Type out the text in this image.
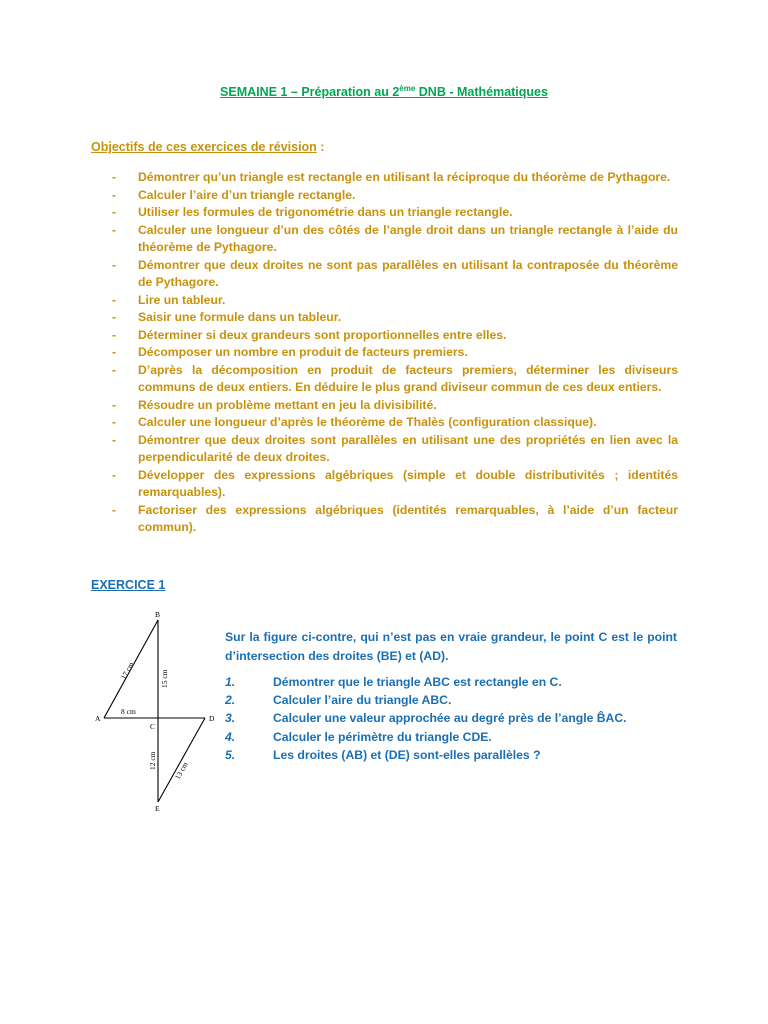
SEMAINE 1 – Préparation au 2ème DNB - Mathématiques
Objectifs de ces exercices de révision :
- Démontrer qu’un triangle est rectangle en utilisant la réciproque du théorème de Pythagore.
- Calculer l’aire d’un triangle rectangle.
- Utiliser les formules de trigonométrie dans un triangle rectangle.
- Calculer une longueur d’un des côtés de l’angle droit dans un triangle rectangle à l’aide du théorème de Pythagore.
- Démontrer que deux droites ne sont pas parallèles en utilisant la contraposée du théorème de Pythagore.
- Lire un tableur.
- Saisir une formule dans un tableur.
- Déterminer si deux grandeurs sont proportionnelles entre elles.
- Décomposer un nombre en produit de facteurs premiers.
- D’après la décomposition en produit de facteurs premiers, déterminer les diviseurs communs de deux entiers. En déduire le plus grand diviseur commun de ces deux entiers.
- Résoudre un problème mettant en jeu la divisibilité.
- Calculer une longueur d’après le théorème de Thalès (configuration classique).
- Démontrer que deux droites sont parallèles en utilisant une des propriétés en lien avec la perpendicularité de deux droites.
- Développer des expressions algébriques (simple et double distributivités ; identités remarquables).
- Factoriser des expressions algébriques (identités remarquables, à l’aide d’un facteur commun).
EXERCICE 1
B
A	D
C
E
8 cm
17 cm	15 cm
12 cm 13 cm
Sur la figure ci-contre, qui n’est pas en vraie grandeur, le point C est le point d’intersection des droites (BE) et (AD).
1.	Démontrer que le triangle ABC est rectangle en C.
2.	Calculer l’aire du triangle ABC.
3.	Calculer une valeur approchée au degré près de l’angle B̂AC.
4.	Calculer le périmètre du triangle CDE.
5.	Les droites (AB) et (DE) sont-elles parallèles ?
